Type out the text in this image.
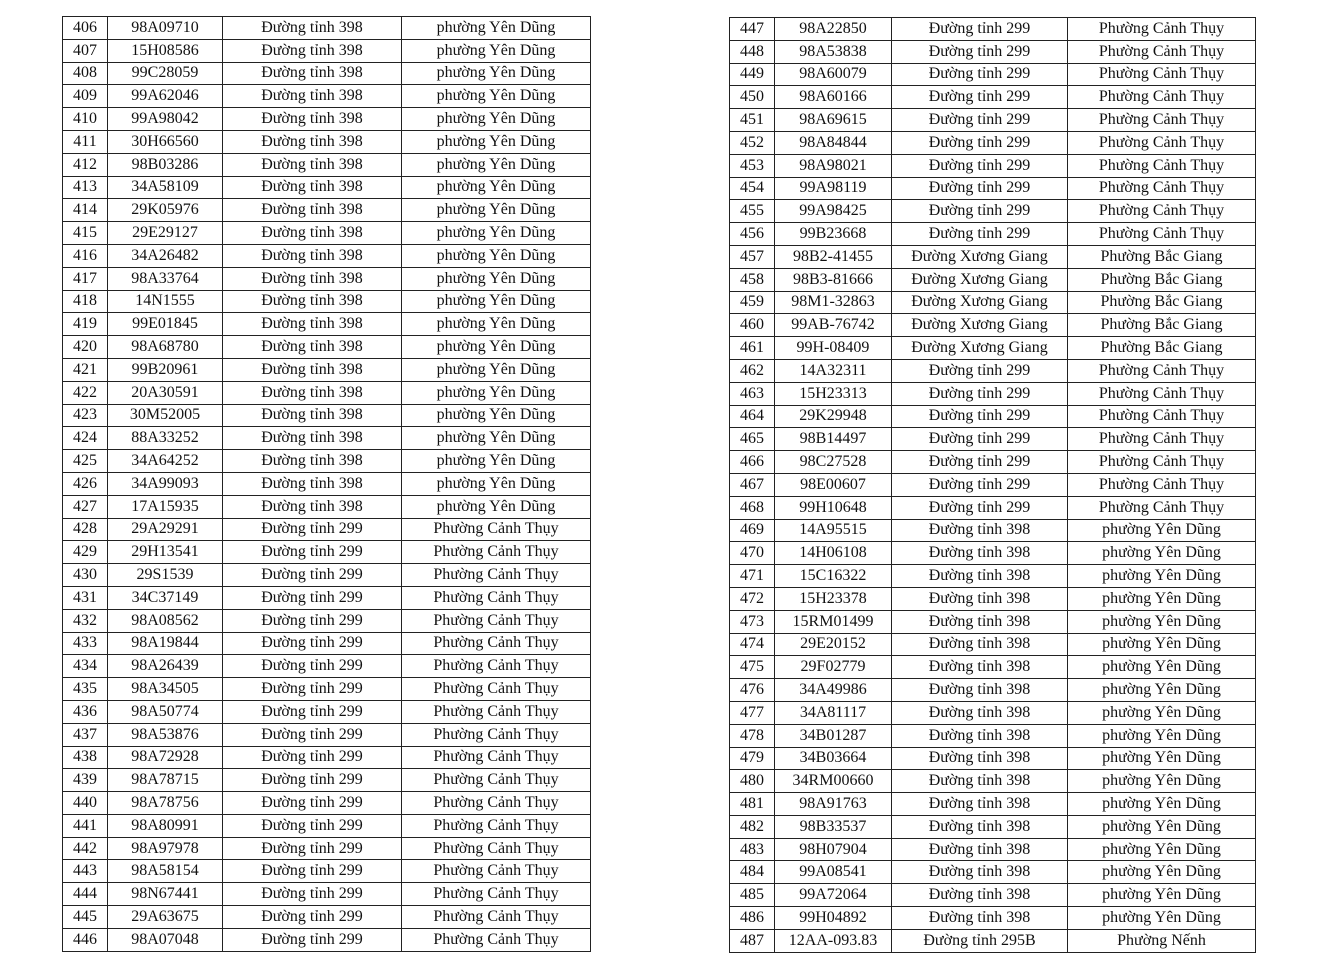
406	98A09710	Đường tỉnh 398	phường Yên Dũng
407	15H08586	Đường tỉnh 398	phường Yên Dũng
408	99C28059	Đường tỉnh 398	phường Yên Dũng
409	99A62046	Đường tỉnh 398	phường Yên Dũng
410	99A98042	Đường tỉnh 398	phường Yên Dũng
411	30H66560	Đường tỉnh 398	phường Yên Dũng
412	98B03286	Đường tỉnh 398	phường Yên Dũng
413	34A58109	Đường tỉnh 398	phường Yên Dũng
414	29K05976	Đường tỉnh 398	phường Yên Dũng
415	29E29127	Đường tỉnh 398	phường Yên Dũng
416	34A26482	Đường tỉnh 398	phường Yên Dũng
417	98A33764	Đường tỉnh 398	phường Yên Dũng
418	14N1555	Đường tỉnh 398	phường Yên Dũng
419	99E01845	Đường tỉnh 398	phường Yên Dũng
420	98A68780	Đường tỉnh 398	phường Yên Dũng
421	99B20961	Đường tỉnh 398	phường Yên Dũng
422	20A30591	Đường tỉnh 398	phường Yên Dũng
423	30M52005	Đường tỉnh 398	phường Yên Dũng
424	88A33252	Đường tỉnh 398	phường Yên Dũng
425	34A64252	Đường tỉnh 398	phường Yên Dũng
426	34A99093	Đường tỉnh 398	phường Yên Dũng
427	17A15935	Đường tỉnh 398	phường Yên Dũng
428	29A29291	Đường tỉnh 299	Phường Cảnh Thụy
429	29H13541	Đường tỉnh 299	Phường Cảnh Thụy
430	29S1539	Đường tỉnh 299	Phường Cảnh Thụy
431	34C37149	Đường tỉnh 299	Phường Cảnh Thụy
432	98A08562	Đường tỉnh 299	Phường Cảnh Thụy
433	98A19844	Đường tỉnh 299	Phường Cảnh Thụy
434	98A26439	Đường tỉnh 299	Phường Cảnh Thụy
435	98A34505	Đường tỉnh 299	Phường Cảnh Thụy
436	98A50774	Đường tỉnh 299	Phường Cảnh Thụy
437	98A53876	Đường tỉnh 299	Phường Cảnh Thụy
438	98A72928	Đường tỉnh 299	Phường Cảnh Thụy
439	98A78715	Đường tỉnh 299	Phường Cảnh Thụy
440	98A78756	Đường tỉnh 299	Phường Cảnh Thụy
441	98A80991	Đường tỉnh 299	Phường Cảnh Thụy
442	98A97978	Đường tỉnh 299	Phường Cảnh Thụy
443	98A58154	Đường tỉnh 299	Phường Cảnh Thụy
444	98N67441	Đường tỉnh 299	Phường Cảnh Thụy
445	29A63675	Đường tỉnh 299	Phường Cảnh Thụy
446	98A07048	Đường tỉnh 299	Phường Cảnh Thụy
447	98A22850	Đường tỉnh 299	Phường Cảnh Thụy
448	98A53838	Đường tỉnh 299	Phường Cảnh Thụy
449	98A60079	Đường tỉnh 299	Phường Cảnh Thụy
450	98A60166	Đường tỉnh 299	Phường Cảnh Thụy
451	98A69615	Đường tỉnh 299	Phường Cảnh Thụy
452	98A84844	Đường tỉnh 299	Phường Cảnh Thụy
453	98A98021	Đường tỉnh 299	Phường Cảnh Thụy
454	99A98119	Đường tỉnh 299	Phường Cảnh Thụy
455	99A98425	Đường tỉnh 299	Phường Cảnh Thụy
456	99B23668	Đường tỉnh 299	Phường Cảnh Thụy
457	98B2-41455	Đường Xương Giang	Phường Bắc Giang
458	98B3-81666	Đường Xương Giang	Phường Bắc Giang
459	98M1-32863	Đường Xương Giang	Phường Bắc Giang
460	99AB-76742	Đường Xương Giang	Phường Bắc Giang
461	99H-08409	Đường Xương Giang	Phường Bắc Giang
462	14A32311	Đường tỉnh 299	Phường Cảnh Thụy
463	15H23313	Đường tỉnh 299	Phường Cảnh Thụy
464	29K29948	Đường tỉnh 299	Phường Cảnh Thụy
465	98B14497	Đường tỉnh 299	Phường Cảnh Thụy
466	98C27528	Đường tỉnh 299	Phường Cảnh Thụy
467	98E00607	Đường tỉnh 299	Phường Cảnh Thụy
468	99H10648	Đường tỉnh 299	Phường Cảnh Thụy
469	14A95515	Đường tỉnh 398	phường Yên Dũng
470	14H06108	Đường tỉnh 398	phường Yên Dũng
471	15C16322	Đường tỉnh 398	phường Yên Dũng
472	15H23378	Đường tỉnh 398	phường Yên Dũng
473	15RM01499	Đường tỉnh 398	phường Yên Dũng
474	29E20152	Đường tỉnh 398	phường Yên Dũng
475	29F02779	Đường tỉnh 398	phường Yên Dũng
476	34A49986	Đường tỉnh 398	phường Yên Dũng
477	34A81117	Đường tỉnh 398	phường Yên Dũng
478	34B01287	Đường tỉnh 398	phường Yên Dũng
479	34B03664	Đường tỉnh 398	phường Yên Dũng
480	34RM00660	Đường tỉnh 398	phường Yên Dũng
481	98A91763	Đường tỉnh 398	phường Yên Dũng
482	98B33537	Đường tỉnh 398	phường Yên Dũng
483	98H07904	Đường tỉnh 398	phường Yên Dũng
484	99A08541	Đường tỉnh 398	phường Yên Dũng
485	99A72064	Đường tỉnh 398	phường Yên Dũng
486	99H04892	Đường tỉnh 398	phường Yên Dũng
487	12AA-093.83	Đường tỉnh 295B	Phường Nếnh
